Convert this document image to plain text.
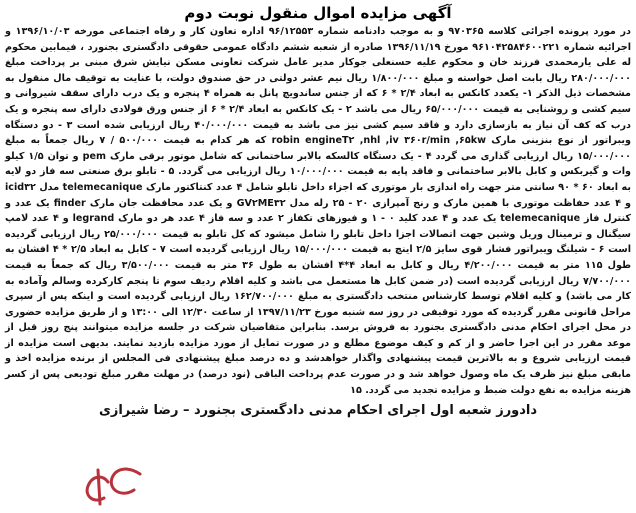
آگهی مزایده اموال منقول نوبت دوم

در مورد پرونده اجرائی کلاسه ۹۷۰۳۶۵ و به موجب دادنامه شماره ۹۶/۱۲۵۵۳ اداره تعاون کار و رفاه اجتماعی مورخه ۱۳۹۶/۱۰/۰۳ و اجرائیه شماره ۹۶۱۰۴۲۵۸۴۶۰۰۲۲۱ مورخ ۱۳۹۶/۱۱/۱۹ صادره از شعبه ششم دادگاه عمومی حقوقی دادگستری بجنورد ، فیمابین محکوم له علی یارمحمدی فرزند خان و محکوم علیه حسنعلی جوکار مدیر عامل شرکت تعاونی مسکن نیایش شرق مبنی بر پرداخت مبلغ ۲۸۰/۰۰۰/۰۰۰ ریال بابت اصل خواسته و مبلغ ۱/۸۰۰/۰۰۰ ریال نیم عشر دولتی در حق صندوق دولت، با عنایت به توقیف مال منقول به مشخصات ذیل الذکر ۱- یکعدد کانکس به ابعاد ۲/۴ * ۶ که از جنس ساندویچ پانل به همراه ۴ پنجره و یک درب دارای سقف شیروانی و سیم کشی و روشنایی به قیمت ۶۵/۰۰۰/۰۰۰ ریال می باشد ۲ - یک کانکس به ابعاد ۲/۴ * ۶ از جنس ورق فولادی دارای سه پنجره و یک درب که کف آن نیاز به بازسازی دارد و فاقد سیم کشی نیز می باشد به قیمت ۴۰/۰۰۰/۰۰۰ ریال ارزیابی شده است ۳ - دو دستگاه ویبراتور از نوع بنزینی مارک robin engineT۲ ,nhl ,iv ۳۶۰r/min ,۶۵kw که هر کدام به قیمت ۵۰۰/۰۰۰ / ۷ ریال جمعاً به مبلغ ۱۵/۰۰۰/۰۰۰ ریال ارزیابی گذاری می گردد ۴ - یک دستگاه کالسکه بالابر ساختمانی که شامل موتور برقی مارک pem و توان ۱/۵ کیلو وات و گیربکس و کابل بالابر ساختمانی و فاقد پایه به قیمت ۱۰/۰۰۰/۰۰۰ ریال ارزیابی می گردد. ۵ - تابلو برق صنعتی سه فاز دو لایه به ابعاد ۶۰ * ۹۰ سانتی متر جهت راه اندازی بار موتوری که اجزاء داخل تابلو شامل ۴ عدد کنتاکتور مارک telemecanique مدل icid۳۲ و ۴ عدد حفاظت موتوری با همین مارک و رنج آمپرازی ۲۰ - ۲۵ رله مدل GV۲ME۳۲ و یک عدد محافظت جان مارک finder یک عدد و کنترل فاز telemecanique یک عدد و ۴ عدد کلید ۰ - ۱ و فیوزهای تکفاز ۲ عدد و سه فاز ۴ عدد هر دو مارک legrand و ۴ عدد لامپ سیگنال و ترمینال وریل وشین جهت اتصالات اجزا داخل تابلو را شامل میشود که کل تابلو به قیمت ۲۵/۰۰۰/۰۰۰ ریال ارزیابی گردیده است ۶ - شیلنگ ویبراتور فشار قوی سایز ۲/۵ اینچ به قیمت ۱۵/۰۰۰/۰۰۰ ریال ارزیابی گردیده است ۷ - کابل به ابعاد ۲/۵ * ۴ افشان به طول ۱۱۵ متر به قیمت ۴/۲۰۰/۰۰۰ ریال و کابل به ابعاد ۴*۴ افشان به طول ۳۶ متر به قیمت ۳/۵۰۰/۰۰۰ ریال که جمعاً به قیمت ۷/۷۰۰/۰۰۰ ریال ارزیابی گردیده است (در ضمن کابل ها مستعمل می باشد و کلیه اقلام ردیف سوم تا پنجم کارکرده وسالم وآماده به کار می باشد) و کلیه اقلام توسط کارشناس منتخب دادگستری به مبلغ ۱۶۲/۷۰۰/۰۰۰ ریال ارزیابی گردیده است و اینکه پس از سپری مراحل قانونی مقرر گردیده که مورد توقیفی در روز سه شنبه مورخ ۱۳۹۷/۱۱/۲۳ از ساعت ۱۲/۳۰ الی ۱۳:۰۰ و از طریق مزایده حضوری در محل اجرای احکام مدنی دادگستری بجنورد به فروش برسد. بنابراین متقاضیان شرکت در جلسه مزایده میتوانند پنج روز قبل از موعد مقرر در این اجرا حاضر و از کم و کیف موضوع مطلع و در صورت تمایل از مورد مزایده بازدید نمایند. بدیهی است مزایده از قیمت ارزیابی شروع و به بالاترین قیمت پیشنهادی واگذار خواهدشد و ده درصد مبلغ پیشنهادی فی المجلس از برنده مزایده اخذ و مابقی مبلغ نیز ظرف یک ماه وصول خواهد شد و در صورت عدم پرداخت الباقی (نود درصد) در مهلت مقرر مبلغ تودیعی پس از کسر هزینه مزایده به نفع دولت ضبط و مزایده تجدید می گردد. ۱۵

دادورز شعبه اول اجرای احکام مدنی دادگستری بجنورد – رضا شیرازی
